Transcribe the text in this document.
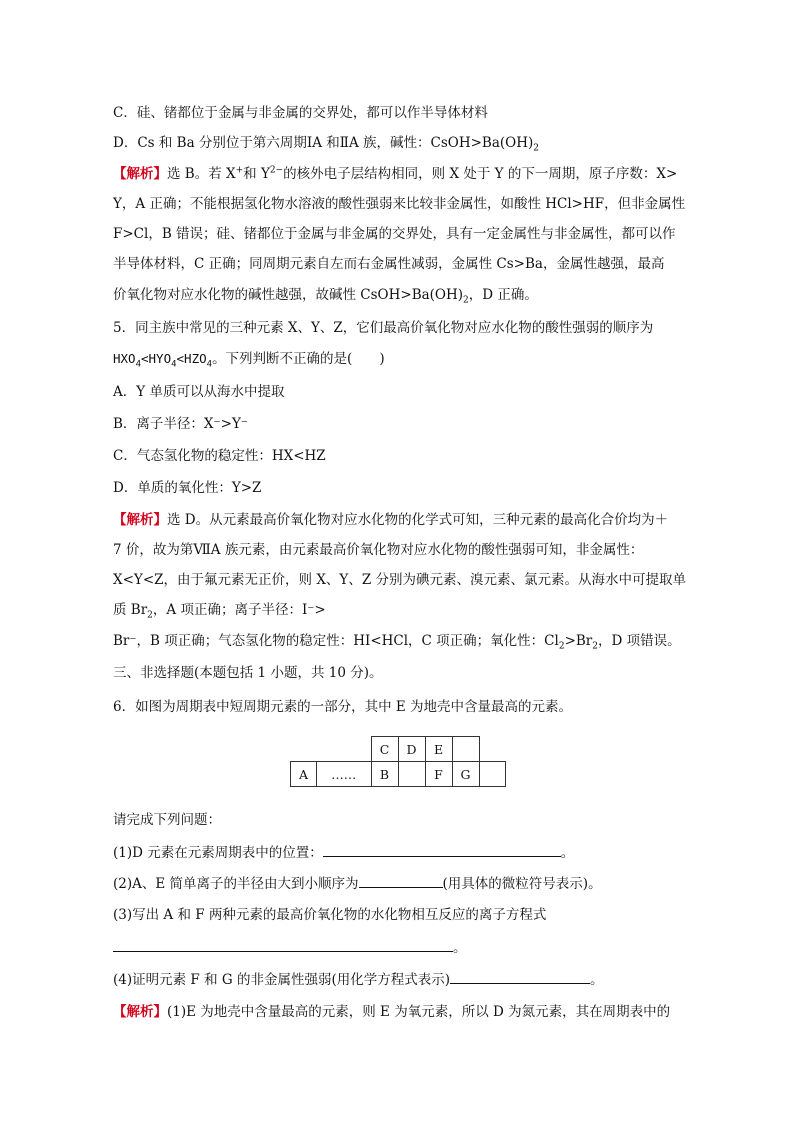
C．硅、锗都位于金属与非金属的交界处，都可以作半导体材料
D．Cs 和 Ba 分别位于第六周期ⅠA 和ⅡA 族，碱性：$CsOH>Ba(OH)_2$
【解析】选 B。若 X+和 $Y^{2-}$的核外电子层结构相同，则 X 处于 Y 的下一周期，原子序数：X>
Y，A 正确；不能根据氢化物水溶液的酸性强弱来比较非金属性，如酸性 HCl>HF，但非金属性
F>Cl，B 错误；硅、锗都位于金属与非金属的交界处，具有一定金属性与非金属性，都可以作
半导体材料，C 正确；同周期元素自左而右金属性减弱，金属性 Cs>Ba，金属性越强，最高
价氧化物对应水化物的碱性越强，故碱性 $CsOH>Ba(OH)_2$，D 正确。
5．同主族中常见的三种元素 X、Y、Z，它们最高价氧化物对应水化物的酸性强弱的顺序为
$HXO_4<HYO_4<HZO_4$。下列判断不正确的是(　　)
A．Y 单质可以从海水中提取
B．离子半径：X⁻>Y⁻
C．气态氢化物的稳定性：HX<HZ
D．单质的氧化性：Y>Z
【解析】选 D。从元素最高价氧化物对应水化物的化学式可知，三种元素的最高化合价均为＋
7 价，故为第ⅦA 族元素，由元素最高价氧化物对应水化物的酸性强弱可知，非金属性：
X<Y<Z，由于氟元素无正价，则 X、Y、Z 分别为碘元素、溴元素、氯元素。从海水中可提取单
质 $Br_2$，A 项正确；离子半径：I⁻>
Br⁻，B 项正确；气态氢化物的稳定性：HI<HCl，C 项正确；氧化性：$Cl_2>Br_2$，D 项错误。
三、非选择题(本题包括 1 小题，共 10 分)。
6．如图为周期表中短周期元素的一部分，其中 E 为地壳中含量最高的元素。
		C	D	E		
A	……	B		F	G	
请完成下列问题：
(1)D 元素在元素周期表中的位置：	。
(2)A、E 简单离子的半径由大到小顺序为	(用具体的微粒符号表示)。
(3)写出 A 和 F 两种元素的最高价氧化物的水化物相互反应的离子方程式
。
(4)证明元素 F 和 G 的非金属性强弱(用化学方程式表示)	。
【解析】(1)E 为地壳中含量最高的元素，则 E 为氧元素，所以 D 为氮元素，其在周期表中的
